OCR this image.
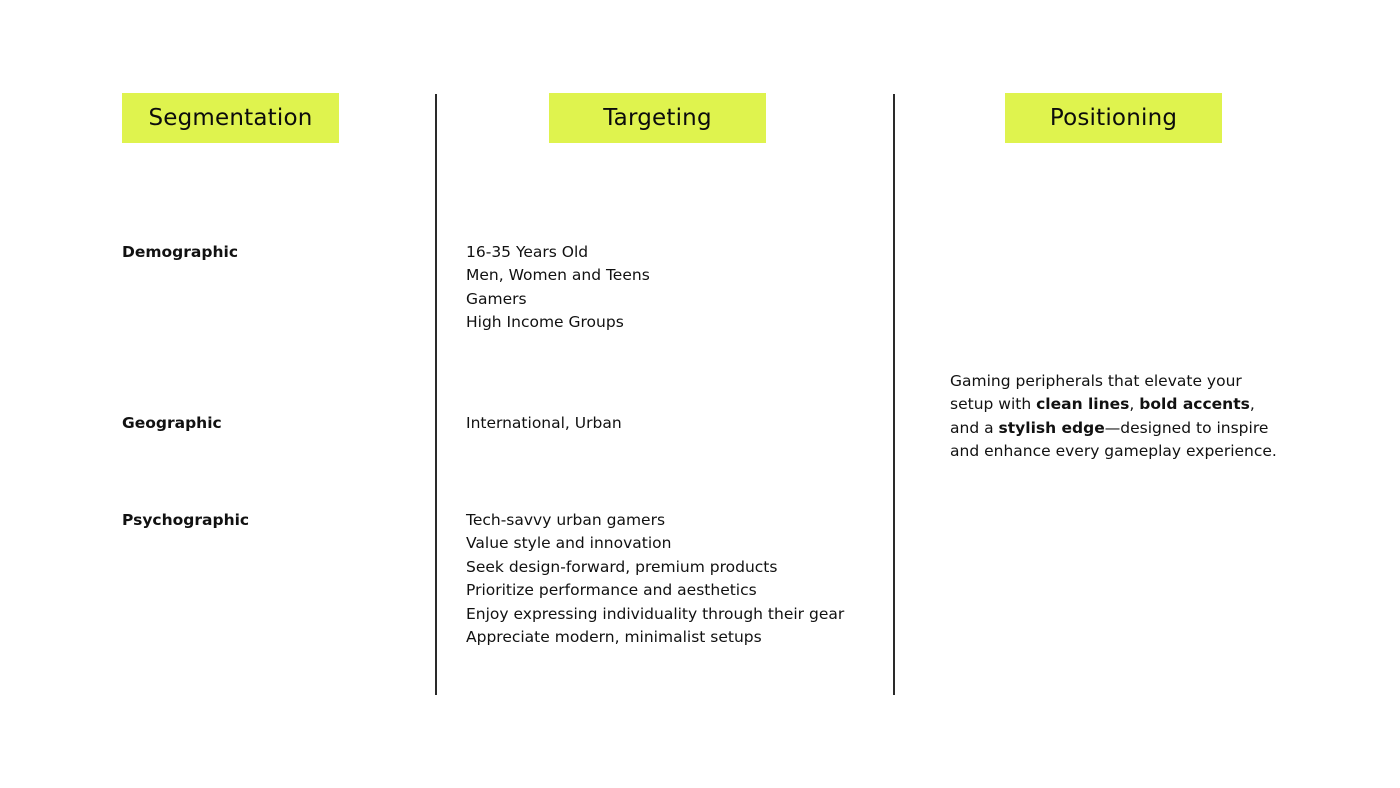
Segmentation	Targeting	Positioning
Demographic
Geographic
Psychographic
16-35 Years Old
Men, Women and Teens
Gamers
High Income Groups
International, Urban
Tech-savvy urban gamers
Value style and innovation
Seek design-forward, premium products
Prioritize performance and aesthetics
Enjoy expressing individuality through their gear
Appreciate modern, minimalist setups
Gaming peripherals that elevate your setup with clean lines, bold accents, and a stylish edge—designed to inspire and enhance every gameplay experience.
